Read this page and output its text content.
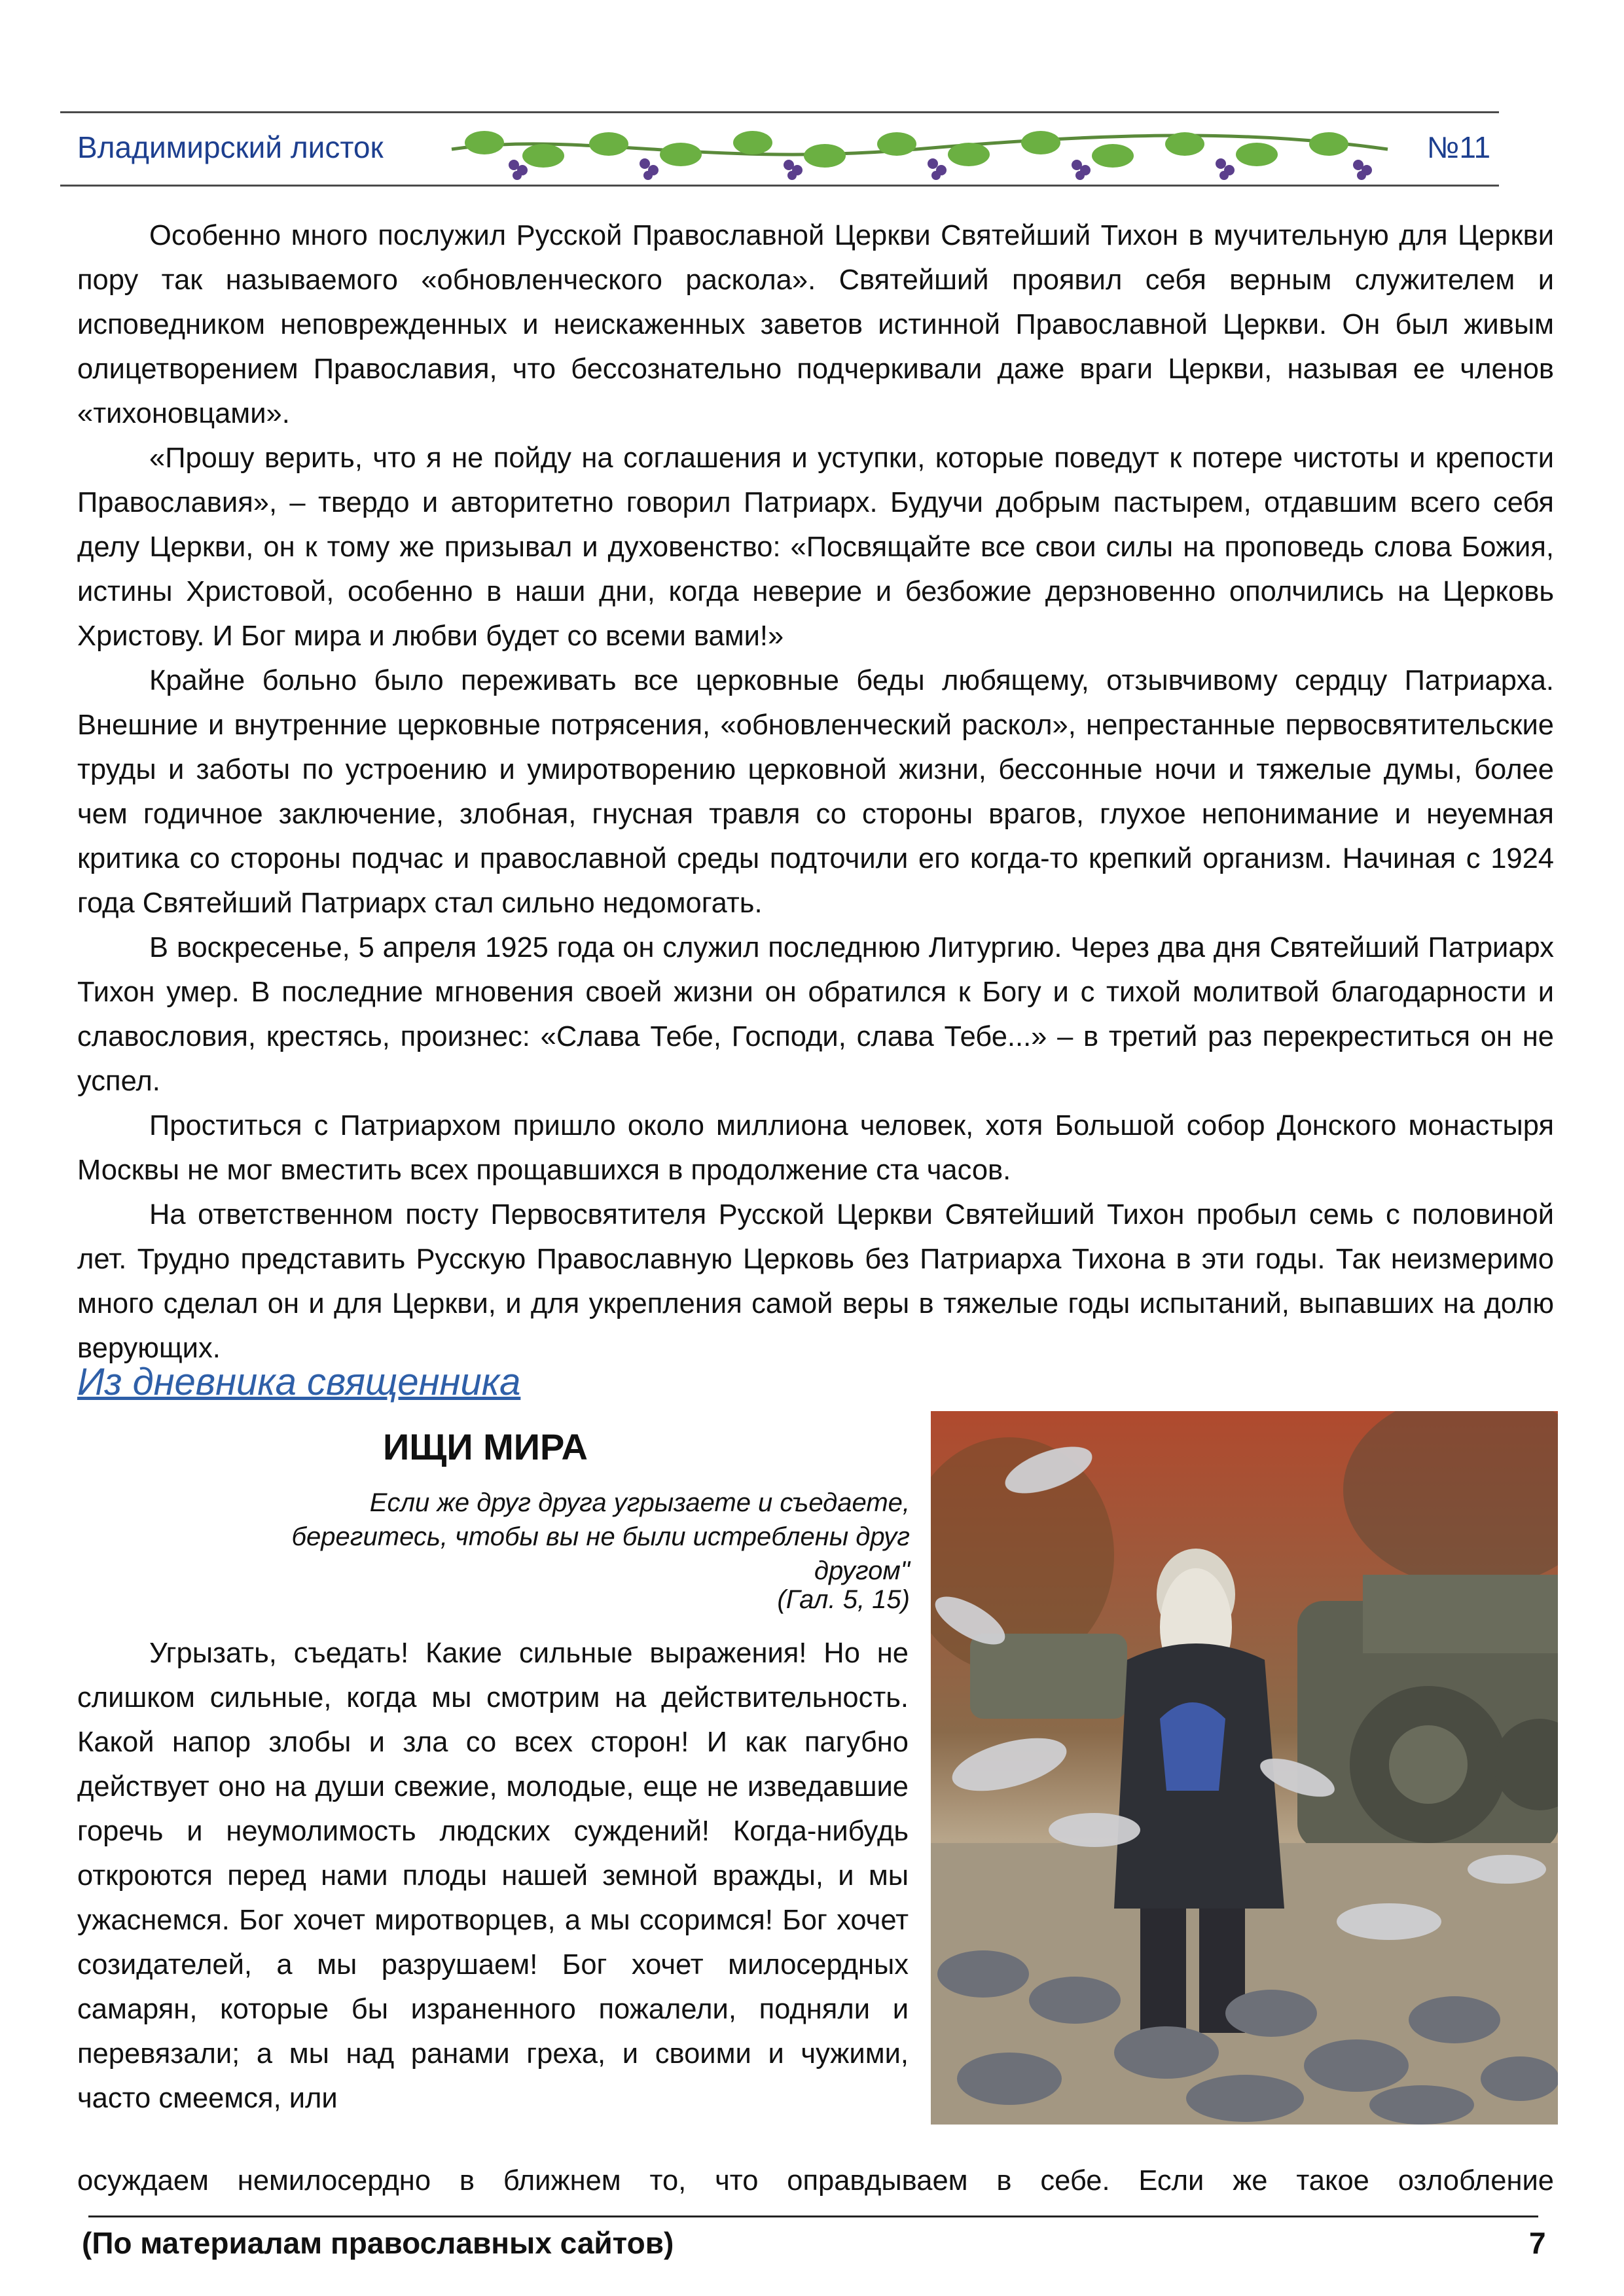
Владимирский листок	№11

Особенно много послужил Русской Православной Церкви Святейший Тихон в мучительную для Церкви пору так называемого «обновленческого раскола». Святейший проявил себя верным служителем и исповедником неповрежденных и неискаженных заветов истинной Православной Церкви. Он был живым олицетворением Православия, что бессознательно подчеркивали даже враги Церкви, называя ее членов «тихоновцами».

«Прошу верить, что я не пойду на соглашения и уступки, которые поведут к потере чистоты и крепости Православия», – твердо и авторитетно говорил Патриарх. Будучи добрым пастырем, отдавшим всего себя делу Церкви, он к тому же призывал и духовенство: «Посвящайте все свои силы на проповедь слова Божия, истины Христовой, особенно в наши дни, когда неверие и безбожие дерзновенно ополчились на Церковь Христову. И Бог мира и любви будет со всеми вами!»

Крайне больно было переживать все церковные беды любящему, отзывчивому сердцу Патриарха. Внешние и внутренние церковные потрясения, «обновленческий раскол», непрестанные первосвятительские труды и заботы по устроению и умиротворению церковной жизни, бессонные ночи и тяжелые думы, более чем годичное заключение, злобная, гнусная травля со стороны врагов, глухое непонимание и неуемная критика со стороны подчас и православной среды подточили его когда-то крепкий организм. Начиная с 1924 года Святейший Патриарх стал сильно недомогать.

В воскресенье, 5 апреля 1925 года он служил последнюю Литургию. Через два дня Святейший Патриарх Тихон умер. В последние мгновения своей жизни он обратился к Богу и с тихой молитвой благодарности и славословия, крестясь, произнес: «Слава Тебе, Господи, слава Тебе...» – в третий раз перекреститься он не успел.

Проститься с Патриархом пришло около миллиона человек, хотя Большой собор Донского монастыря Москвы не мог вместить всех прощавшихся в продолжение ста часов.

На ответственном посту Первосвятителя Русской Церкви Святейший Тихон пробыл семь с половиной лет. Трудно представить Русскую Православную Церковь без Патриарха Тихона в эти годы. Так неизмеримо много сделал он и для Церкви, и для укрепления самой веры в тяжелые годы испытаний, выпавших на долю верующих.

Из дневника священника
ИЩИ МИРА
Если же друг друга угрызаете и съедаете, берегитесь, чтобы вы не были истреблены друг другом"
(Гал. 5, 15)

Угрызать, съедать! Какие сильные выражения! Но не слишком сильные, когда мы смотрим на действительность. Какой напор злобы и зла со всех сторон! И как пагубно действует оно на души свежие, молодые, еще не изведавшие горечь и неумолимость людских суждений! Когда-нибудь откроются перед нами плоды нашей земной вражды, и мы ужаснемся. Бог хочет миротворцев, а мы ссоримся! Бог хочет созидателей, а мы разрушаем! Бог хочет милосердных самарян, которые бы израненного пожалели, подняли и перевязали; а мы над ранами греха, и своими и чужими, часто смеемся, или

осуждаем немилосердно в ближнем то, что оправдываем в себе. Если же такое озлобление
(По материалам православных сайтов)	7
